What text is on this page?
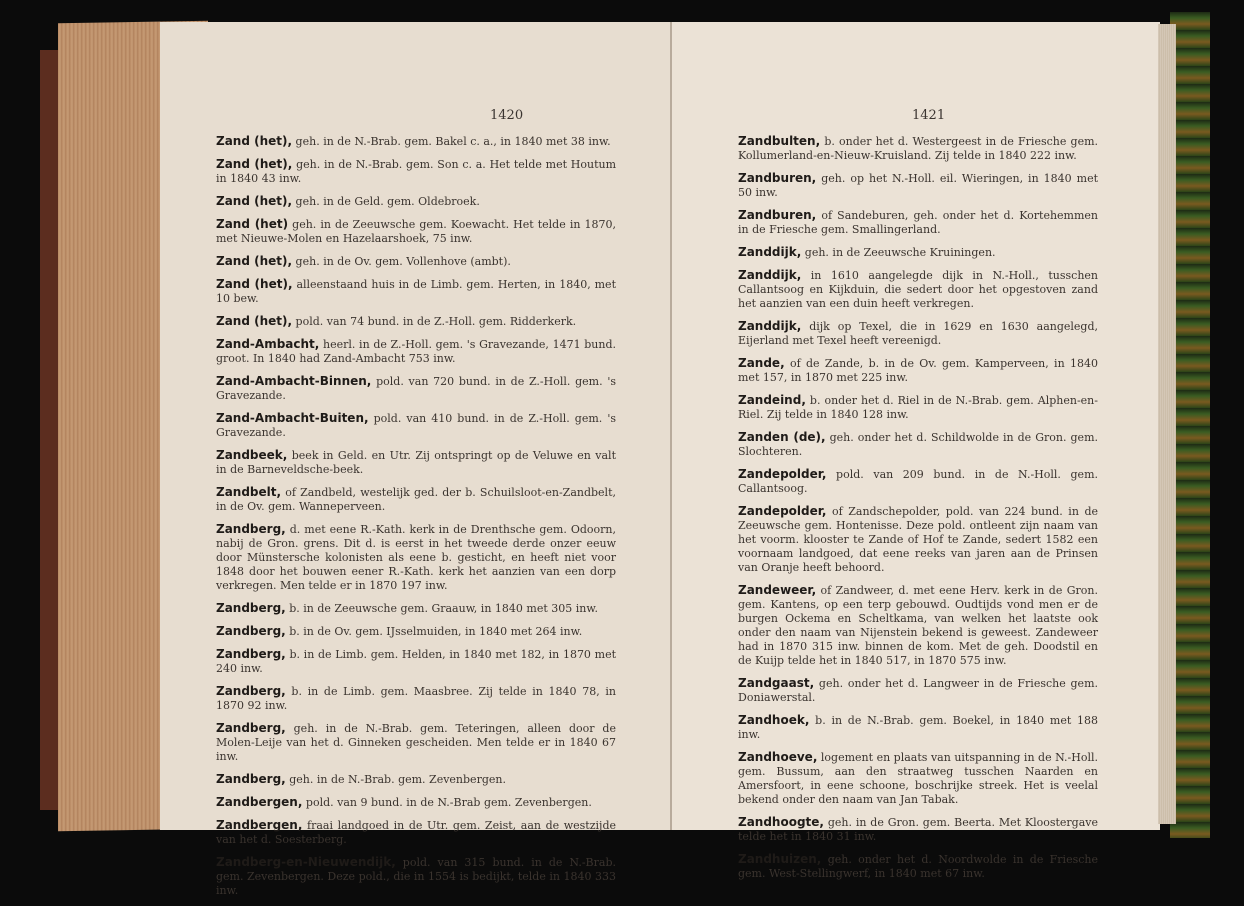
1420

Zand (het), geh. in de N.-Brab. gem. Bakel c. a., in 1840 met 38 inw.

Zand (het), geh. in de N.-Brab. gem. Son c. a. Het telde met Houtum in 1840 43 inw.

Zand (het), geh. in de Geld. gem. Oldebroek.

Zand (het) geh. in de Zeeuwsche gem. Koewacht. Het telde in 1870, met Nieuwe-Molen en Hazelaarshoek, 75 inw.

Zand (het), geh. in de Ov. gem. Vollenhove (ambt).

Zand (het), alleenstaand huis in de Limb. gem. Herten, in 1840, met 10 bew.

Zand (het), pold. van 74 bund. in de Z.-Holl. gem. Ridderkerk.

Zand-Ambacht, heerl. in de Z.-Holl. gem. 's Gravezande, 1471 bund. groot. In 1840 had Zand-Ambacht 753 inw.

Zand-Ambacht-Binnen, pold. van 720 bund. in de Z.-Holl. gem. 's Gravezande.

Zand-Ambacht-Buiten, pold. van 410 bund. in de Z.-Holl. gem. 's Gravezande.

Zandbeek, beek in Geld. en Utr. Zij ontspringt op de Veluwe en valt in de Barneveldsche-beek.

Zandbelt, of Zandbeld, westelijk ged. der b. Schuilsloot-en-Zandbelt, in de Ov. gem. Wanneperveen.

Zandberg, d. met eene R.-Kath. kerk in de Drenthsche gem. Odoorn, nabij de Gron. grens. Dit d. is eerst in het tweede derde onzer eeuw door Münstersche kolonisten als eene b. gesticht, en heeft niet voor 1848 door het bouwen eener R.-Kath. kerk het aanzien van een dorp verkregen. Men telde er in 1870 197 inw.

Zandberg, b. in de Zeeuwsche gem. Graauw, in 1840 met 305 inw.

Zandberg, b. in de Ov. gem. IJsselmuiden, in 1840 met 264 inw.

Zandberg, b. in de Limb. gem. Helden, in 1840 met 182, in 1870 met 240 inw.

Zandberg, b. in de Limb. gem. Maasbree. Zij telde in 1840 78, in 1870 92 inw.

Zandberg, geh. in de N.-Brab. gem. Teteringen, alleen door de Molen-Leije van het d. Ginneken gescheiden. Men telde er in 1840 67 inw.

Zandberg, geh. in de N.-Brab. gem. Zevenbergen.

Zandbergen, pold. van 9 bund. in de N.-Brab gem. Zevenbergen.

Zandbergen, fraai landgoed in de Utr. gem. Zeist, aan de westzijde van het d. Soesterberg.

Zandberg-en-Nieuwendijk, pold. van 315 bund. in de N.-Brab. gem. Zevenbergen. Deze pold., die in 1554 is bedijkt, telde in 1840 333 inw.

1421

Zandbulten, b. onder het d. Westergeest in de Friesche gem. Kollumerland-en-Nieuw-Kruisland. Zij telde in 1840 222 inw.

Zandburen, geh. op het N.-Holl. eil. Wieringen, in 1840 met 50 inw.

Zandburen, of Sandeburen, geh. onder het d. Kortehemmen in de Friesche gem. Smallingerland.

Zanddijk, geh. in de Zeeuwsche Kruiningen.

Zanddijk, in 1610 aangelegde dijk in N.-Holl., tusschen Callantsoog en Kijkduin, die sedert door het opgestoven zand het aanzien van een duin heeft verkregen.

Zanddijk, dijk op Texel, die in 1629 en 1630 aangelegd, Eijerland met Texel heeft vereenigd.

Zande, of de Zande, b. in de Ov. gem. Kamperveen, in 1840 met 157, in 1870 met 225 inw.

Zandeind, b. onder het d. Riel in de N.-Brab. gem. Alphen-en-Riel. Zij telde in 1840 128 inw.

Zanden (de), geh. onder het d. Schildwolde in de Gron. gem. Slochteren.

Zandepolder, pold. van 209 bund. in de N.-Holl. gem. Callantsoog.

Zandepolder, of Zandschepolder, pold. van 224 bund. in de Zeeuwsche gem. Hontenisse. Deze pold. ontleent zijn naam van het voorm. klooster te Zande of Hof te Zande, sedert 1582 een voornaam landgoed, dat eene reeks van jaren aan de Prinsen van Oranje heeft behoord.

Zandeweer, of Zandweer, d. met eene Herv. kerk in de Gron. gem. Kantens, op een terp gebouwd. Oudtijds vond men er de burgen Ockema en Scheltkama, van welken het laatste ook onder den naam van Nijenstein bekend is geweest. Zandeweer had in 1870 315 inw. binnen de kom. Met de geh. Doodstil en de Kuijp telde het in 1840 517, in 1870 575 inw.

Zandgaast, geh. onder het d. Langweer in de Friesche gem. Doniawerstal.

Zandhoek, b. in de N.-Brab. gem. Boekel, in 1840 met 188 inw.

Zandhoeve, logement en plaats van uitspanning in de N.-Holl. gem. Bussum, aan den straatweg tusschen Naarden en Amersfoort, in eene schoone, boschrijke streek. Het is veelal bekend onder den naam van Jan Tabak.

Zandhoogte, geh. in de Gron. gem. Beerta. Met Kloostergave telde het in 1840 31 inw.

Zandhuizen, geh. onder het d. Noordwolde in de Friesche gem. West-Stellingwerf, in 1840 met 67 inw.
